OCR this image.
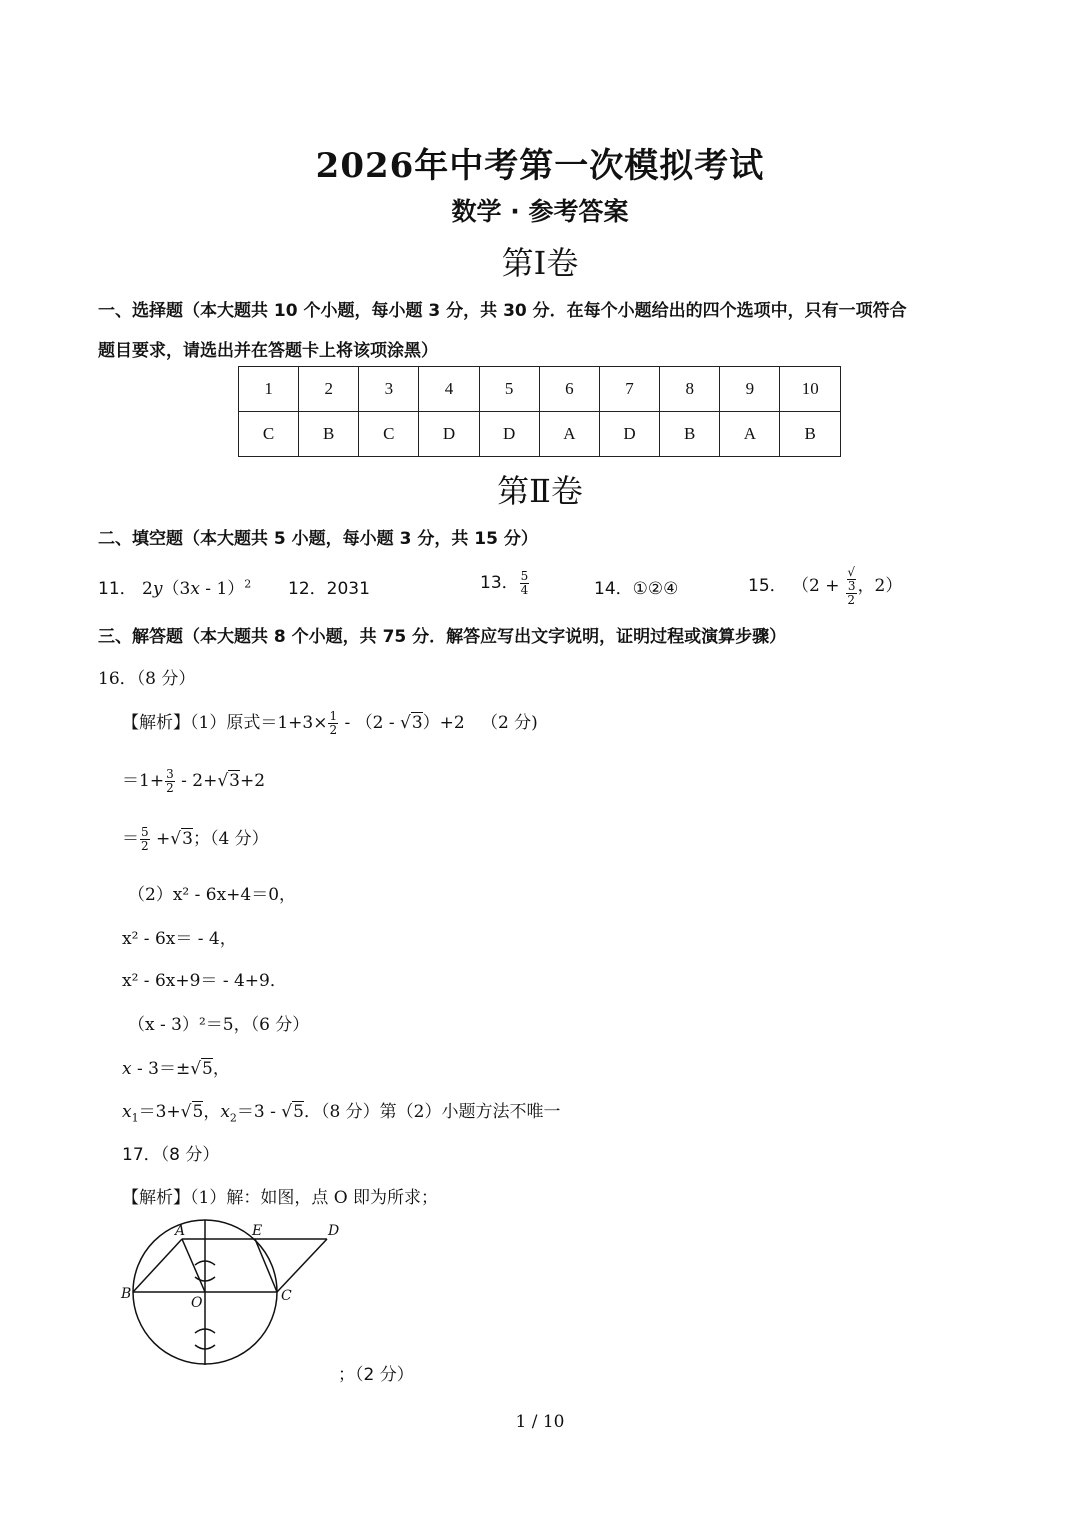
2026年中考第一次模拟考试
数学 · 参考答案
第Ⅰ卷
一、选择题（本大题共 10 个小题，每小题 3 分，共 30 分．在每个小题给出的四个选项中，只有一项符合
题目要求，请选出并在答题卡上将该项涂黑）
1	2	3	4	5	6	7	8	9	10
C	B	C	D	D	A	D	B	A	B
第Ⅱ卷
二、填空题（本大题共 5 小题，每小题 3 分，共 15 分）
11． 2y（3x - 1）$^2$ 12．2031	13． $\frac{5}{4}$	14．①②④	15． （2 + √
3
2 ，2）
三、解答题（本大题共 8 个小题，共 75 分．解答应写出文字说明，证明过程或演算步骤）
16．（8 分）
【解析】（1）原式$=1+3\times \frac{1}{2} - (2 - √3)+2$   （2 分)
$=1+ \frac{3}{2} - 2+√3+2$
＝ $\frac{5}{2} +√3$；（4 分）
（2）x² - 6x+4＝0，
x² - 6x＝ - 4，
x² - 6x+9＝ - 4+9．
（x - 3）²＝5，（6 分）
x - 3＝±√5，
$x_1=3+√5$，$x_2=3 - √5$．（8 分）第（2）小题方法不唯一
17．（8 分）
【解析】（1）解：如图，点 O 即为所求；
A	E	D
B
O	C
；（2 分）
1 / 10
